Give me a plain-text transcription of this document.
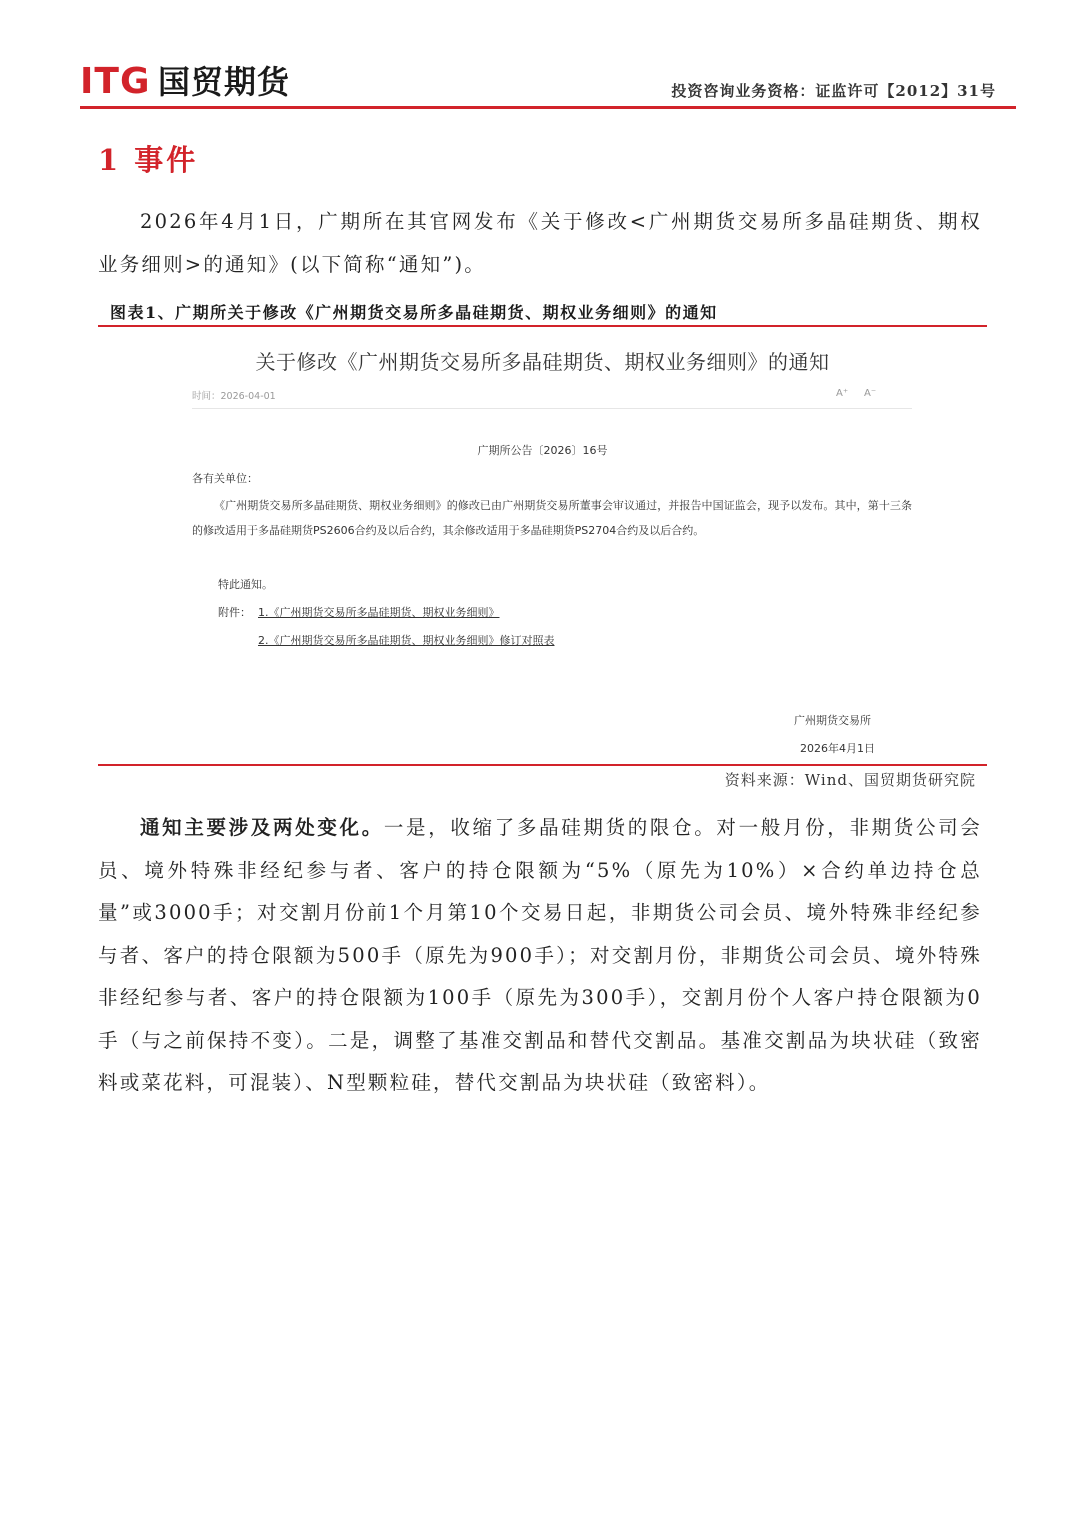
ITG 国贸期货	投资咨询业务资格：证监许可【2012】31号
1 事件
2026年4月1日，广期所在其官网发布《关于修改<广州期货交易所多晶硅期货、期权业务细则>的通知》(以下简称“通知”)。
图表1、广期所关于修改《广州期货交易所多晶硅期货、期权业务细则》的通知
关于修改《广州期货交易所多晶硅期货、期权业务细则》的通知
时间：2026-04-01	A⁺ A⁻
广期所公告〔2026〕16号
各有关单位：
《广州期货交易所多晶硅期货、期权业务细则》的修改已由广州期货交易所董事会审议通过，并报告中国证监会，现予以发布。其中，第十三条的修改适用于多晶硅期货PS2606合约及以后合约，其余修改适用于多晶硅期货PS2704合约及以后合约。
特此通知。
附件： 1.《广州期货交易所多晶硅期货、期权业务细则》
2.《广州期货交易所多晶硅期货、期权业务细则》修订对照表
广州期货交易所
2026年4月1日
资料来源：Wind、国贸期货研究院
通知主要涉及两处变化。一是，收缩了多晶硅期货的限仓。对一般月份，非期货公司会员、境外特殊非经纪参与者、客户的持仓限额为“5%（原先为10%）×合约单边持仓总量”或3000手；对交割月份前1个月第10个交易日起，非期货公司会员、境外特殊非经纪参与者、客户的持仓限额为500手（原先为900手）；对交割月份，非期货公司会员、境外特殊非经纪参与者、客户的持仓限额为100手（原先为300手），交割月份个人客户持仓限额为0手（与之前保持不变）。二是，调整了基准交割品和替代交割品。基准交割品为块状硅（致密料或菜花料，可混装）、N型颗粒硅，替代交割品为块状硅（致密料）。
